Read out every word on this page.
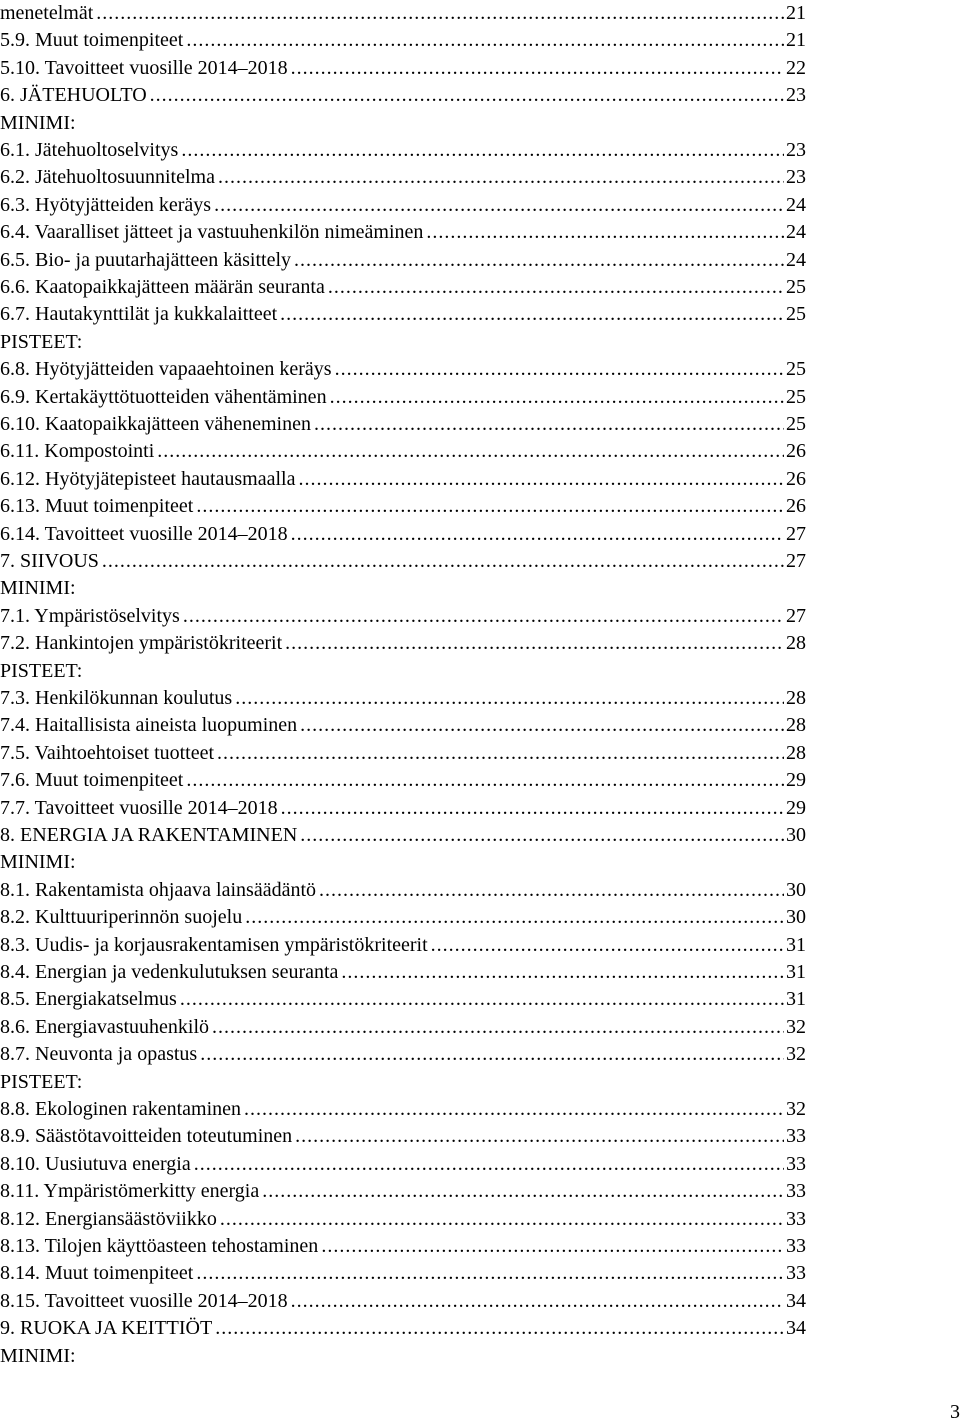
menetelmät .....	21
5.9. Muut toimenpiteet .....	21
5.10. Tavoitteet vuosille 2014–2018 .....	22
6. JÄTEHUOLTO .....	23
MINIMI:
6.1. Jätehuoltoselvitys .....	23
6.2. Jätehuoltosuunnitelma .....	23
6.3. Hyötyjätteiden keräys .....	24
6.4. Vaaralliset jätteet ja vastuuhenkilön nimeäminen .....	24
6.5. Bio- ja puutarhajätteen käsittely .....	24
6.6. Kaatopaikkajätteen määrän seuranta .....	25
6.7. Hautakynttilät ja kukkalaitteet .....	25
PISTEET:
6.8. Hyötyjätteiden vapaaehtoinen keräys .....	25
6.9. Kertakäyttötuotteiden vähentäminen .....	25
6.10. Kaatopaikkajätteen väheneminen .....	25
6.11. Kompostointi .....	26
6.12. Hyötyjätepisteet hautausmaalla .....	26
6.13. Muut toimenpiteet .....	26
6.14. Tavoitteet vuosille 2014–2018 .....	27
7. SIIVOUS .....	27
MINIMI:
7.1. Ympäristöselvitys .....	27
7.2. Hankintojen ympäristökriteerit .....	28
PISTEET:
7.3. Henkilökunnan koulutus .....	28
7.4. Haitallisista aineista luopuminen .....	28
7.5. Vaihtoehtoiset tuotteet .....	28
7.6. Muut toimenpiteet .....	29
7.7. Tavoitteet vuosille 2014–2018 .....	29
8. ENERGIA JA RAKENTAMINEN .....	30
MINIMI:
8.1. Rakentamista ohjaava lainsäädäntö .....	30
8.2. Kulttuuriperinnön suojelu .....	30
8.3. Uudis- ja korjausrakentamisen ympäristökriteerit .....	31
8.4. Energian ja vedenkulutuksen seuranta .....	31
8.5. Energiakatselmus .....	31
8.6. Energiavastuuhenkilö .....	32
8.7. Neuvonta ja opastus .....	32
PISTEET:
8.8. Ekologinen rakentaminen .....	32
8.9. Säästötavoitteiden toteutuminen .....	33
8.10. Uusiutuva energia .....	33
8.11. Ympäristömerkitty energia .....	33
8.12. Energiansäästöviikko .....	33
8.13. Tilojen käyttöasteen tehostaminen .....	33
8.14. Muut toimenpiteet .....	33
8.15. Tavoitteet vuosille 2014–2018 .....	34
9. RUOKA JA KEITTIÖT .....	34
MINIMI:
3
